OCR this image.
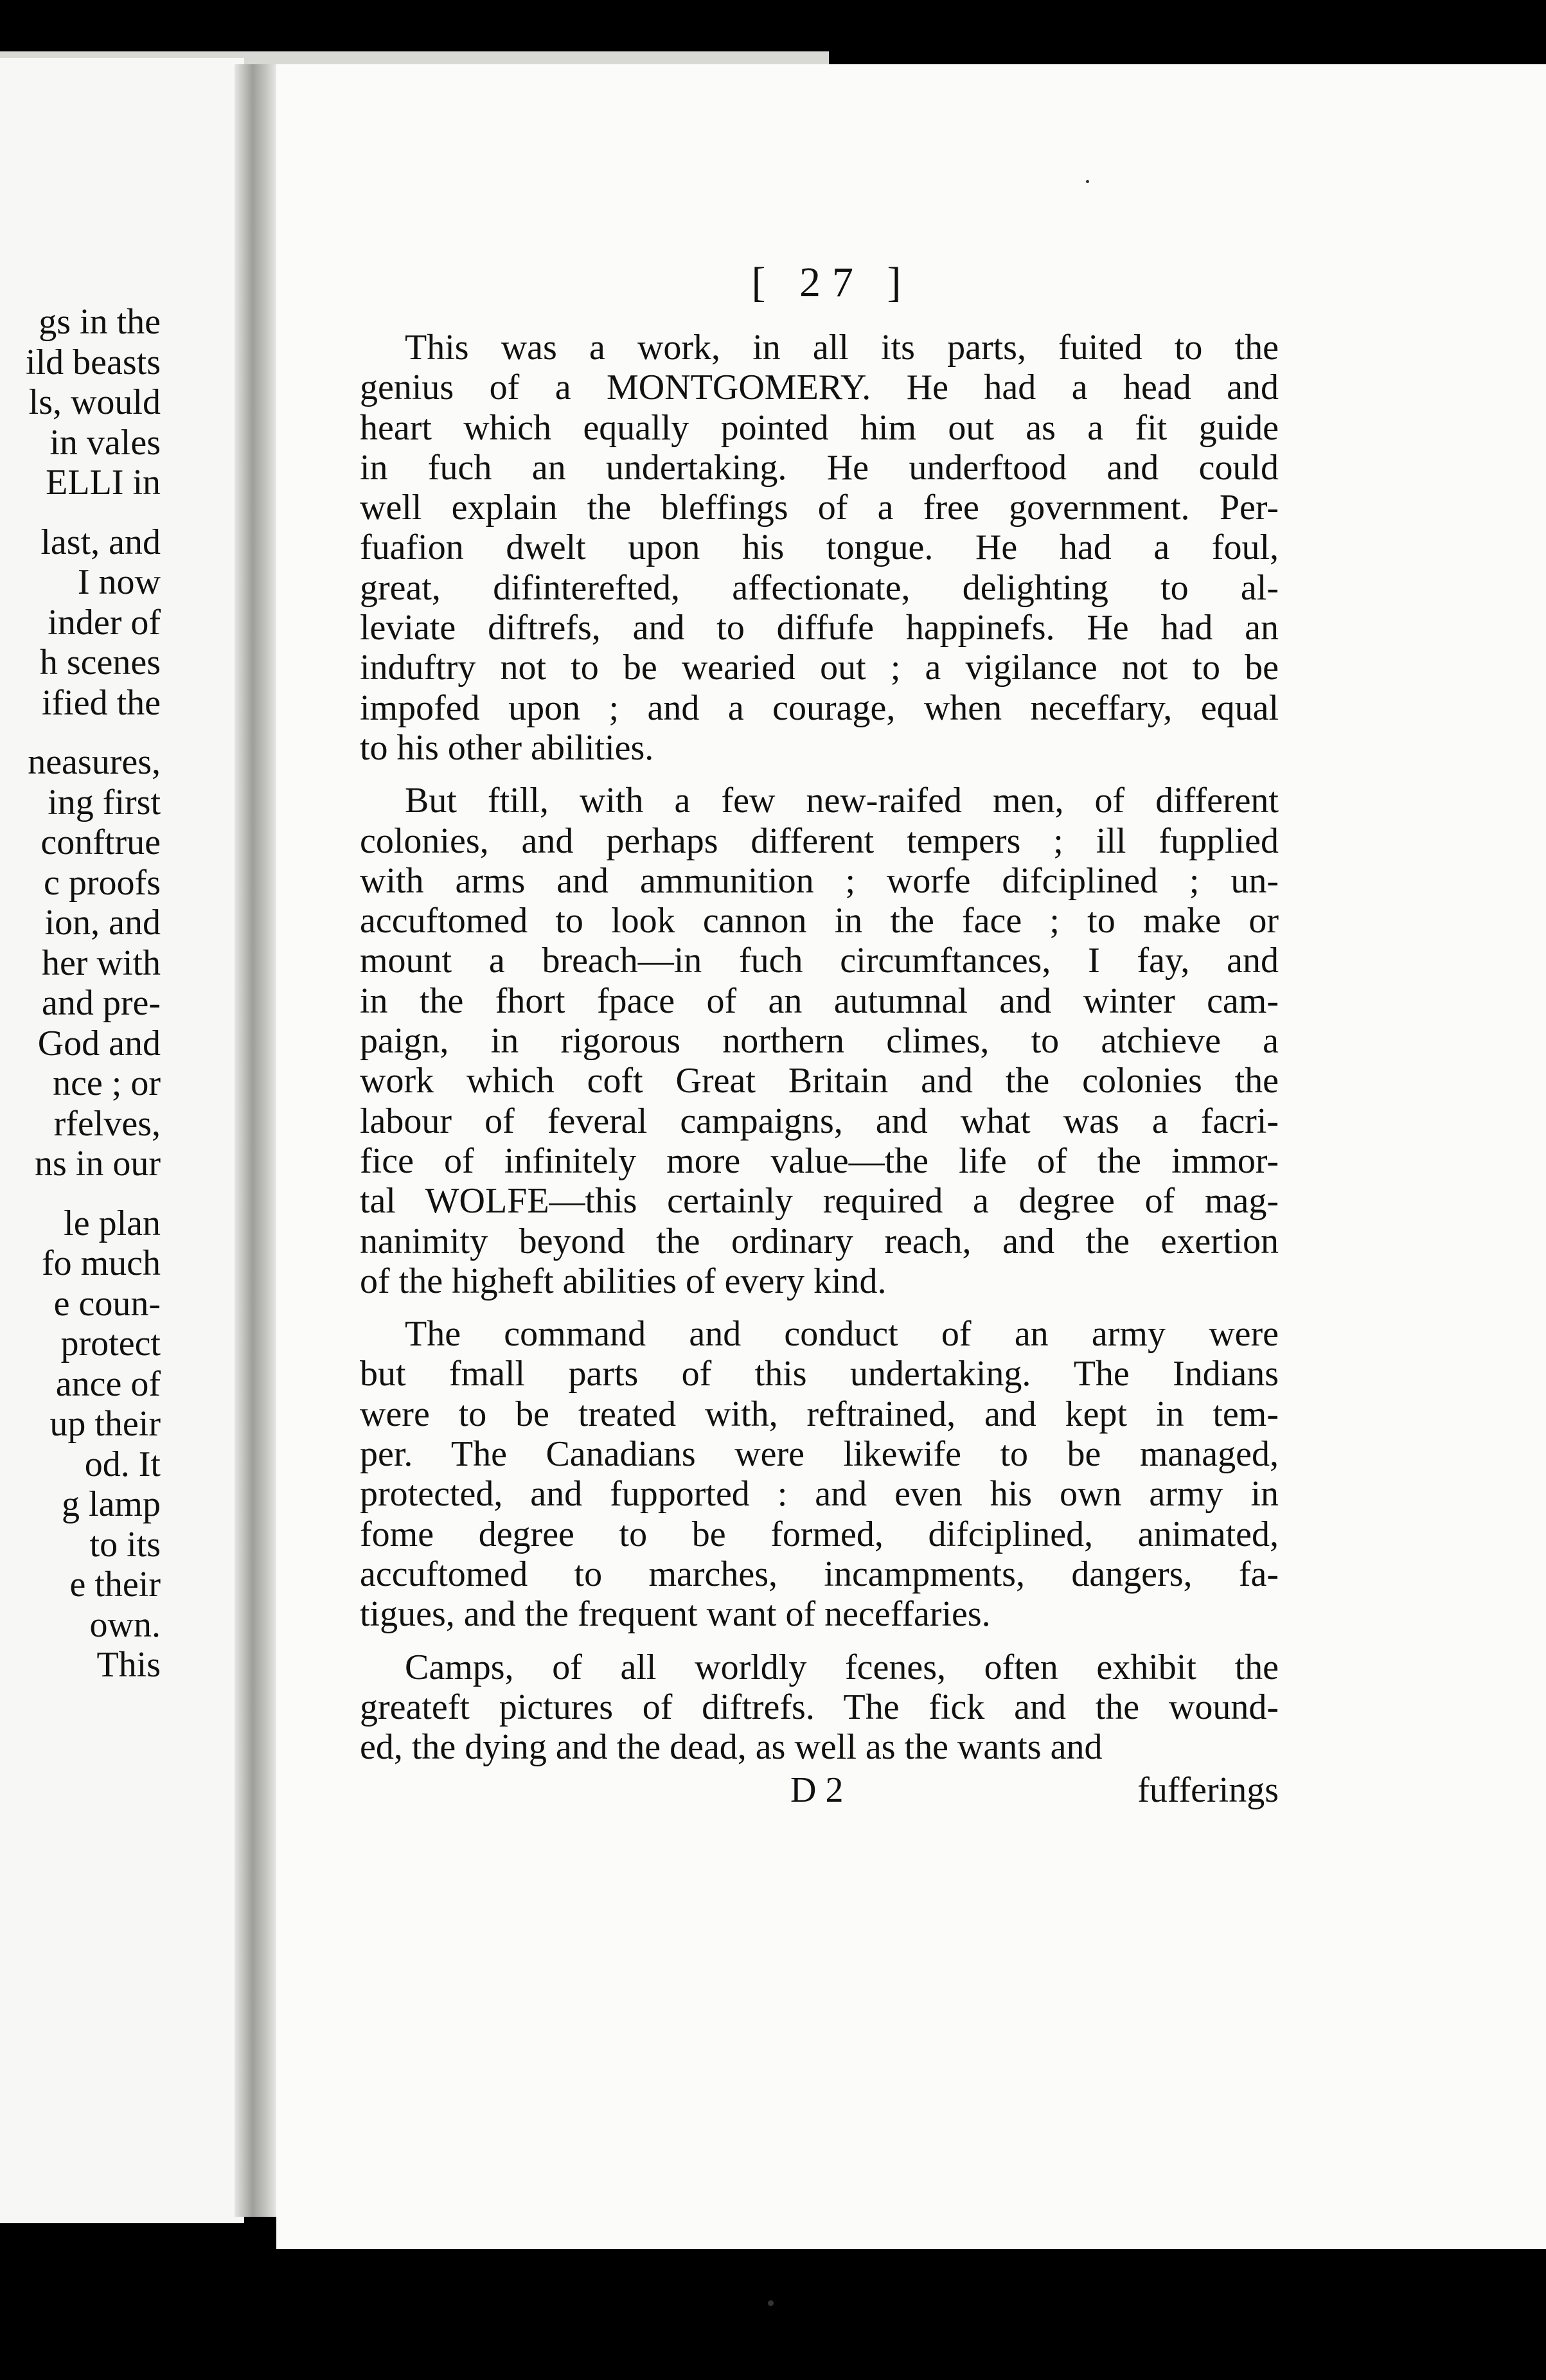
gs in the
ild beasts
ls, would
in vales
ELLI in
last, and
I now
inder of
h scenes
ified the
neasures,
ing first
conftrue
c proofs
ion, and
her with
and pre-
God and
nce ; or
rfelves,
ns in our
le plan
fo much
e coun-
protect
ance of
up their
od. It
g lamp
to its
e their
own.
This
[ 27 ]
This was a work, in all its parts, fuited to the
genius of a MONTGOMERY. He had a head and
heart which equally pointed him out as a fit guide
in fuch an undertaking. He underftood and could
well explain the bleffings of a free government. Per-
fuafion dwelt upon his tongue. He had a foul,
great, difinterefted, affectionate, delighting to al-
leviate diftrefs, and to diffufe happinefs. He had an
induftry not to be wearied out ; a vigilance not to be
impofed upon ; and a courage, when neceffary, equal
to his other abilities.
But ftill, with a few new-raifed men, of different
colonies, and perhaps different tempers ; ill fupplied
with arms and ammunition ; worfe difciplined ; un-
accuftomed to look cannon in the face ; to make or
mount a breach—in fuch circumftances, I fay, and
in the fhort fpace of an autumnal and winter cam-
paign, in rigorous northern climes, to atchieve a
work which coft Great Britain and the colonies the
labour of feveral campaigns, and what was a facri-
fice of infinitely more value—the life of the immor-
tal WOLFE—this certainly required a degree of mag-
nanimity beyond the ordinary reach, and the exertion
of the higheft abilities of every kind.
The command and conduct of an army were
but fmall parts of this undertaking. The Indians
were to be treated with, reftrained, and kept in tem-
per. The Canadians were likewife to be managed,
protected, and fupported : and even his own army in
fome degree to be formed, difciplined, animated,
accuftomed to marches, incampments, dangers, fa-
tigues, and the frequent want of neceffaries.
Camps, of all worldly fcenes, often exhibit the
greateft pictures of diftrefs. The fick and the wound-
ed, the dying and the dead, as well as the wants and
D 2	fufferings
